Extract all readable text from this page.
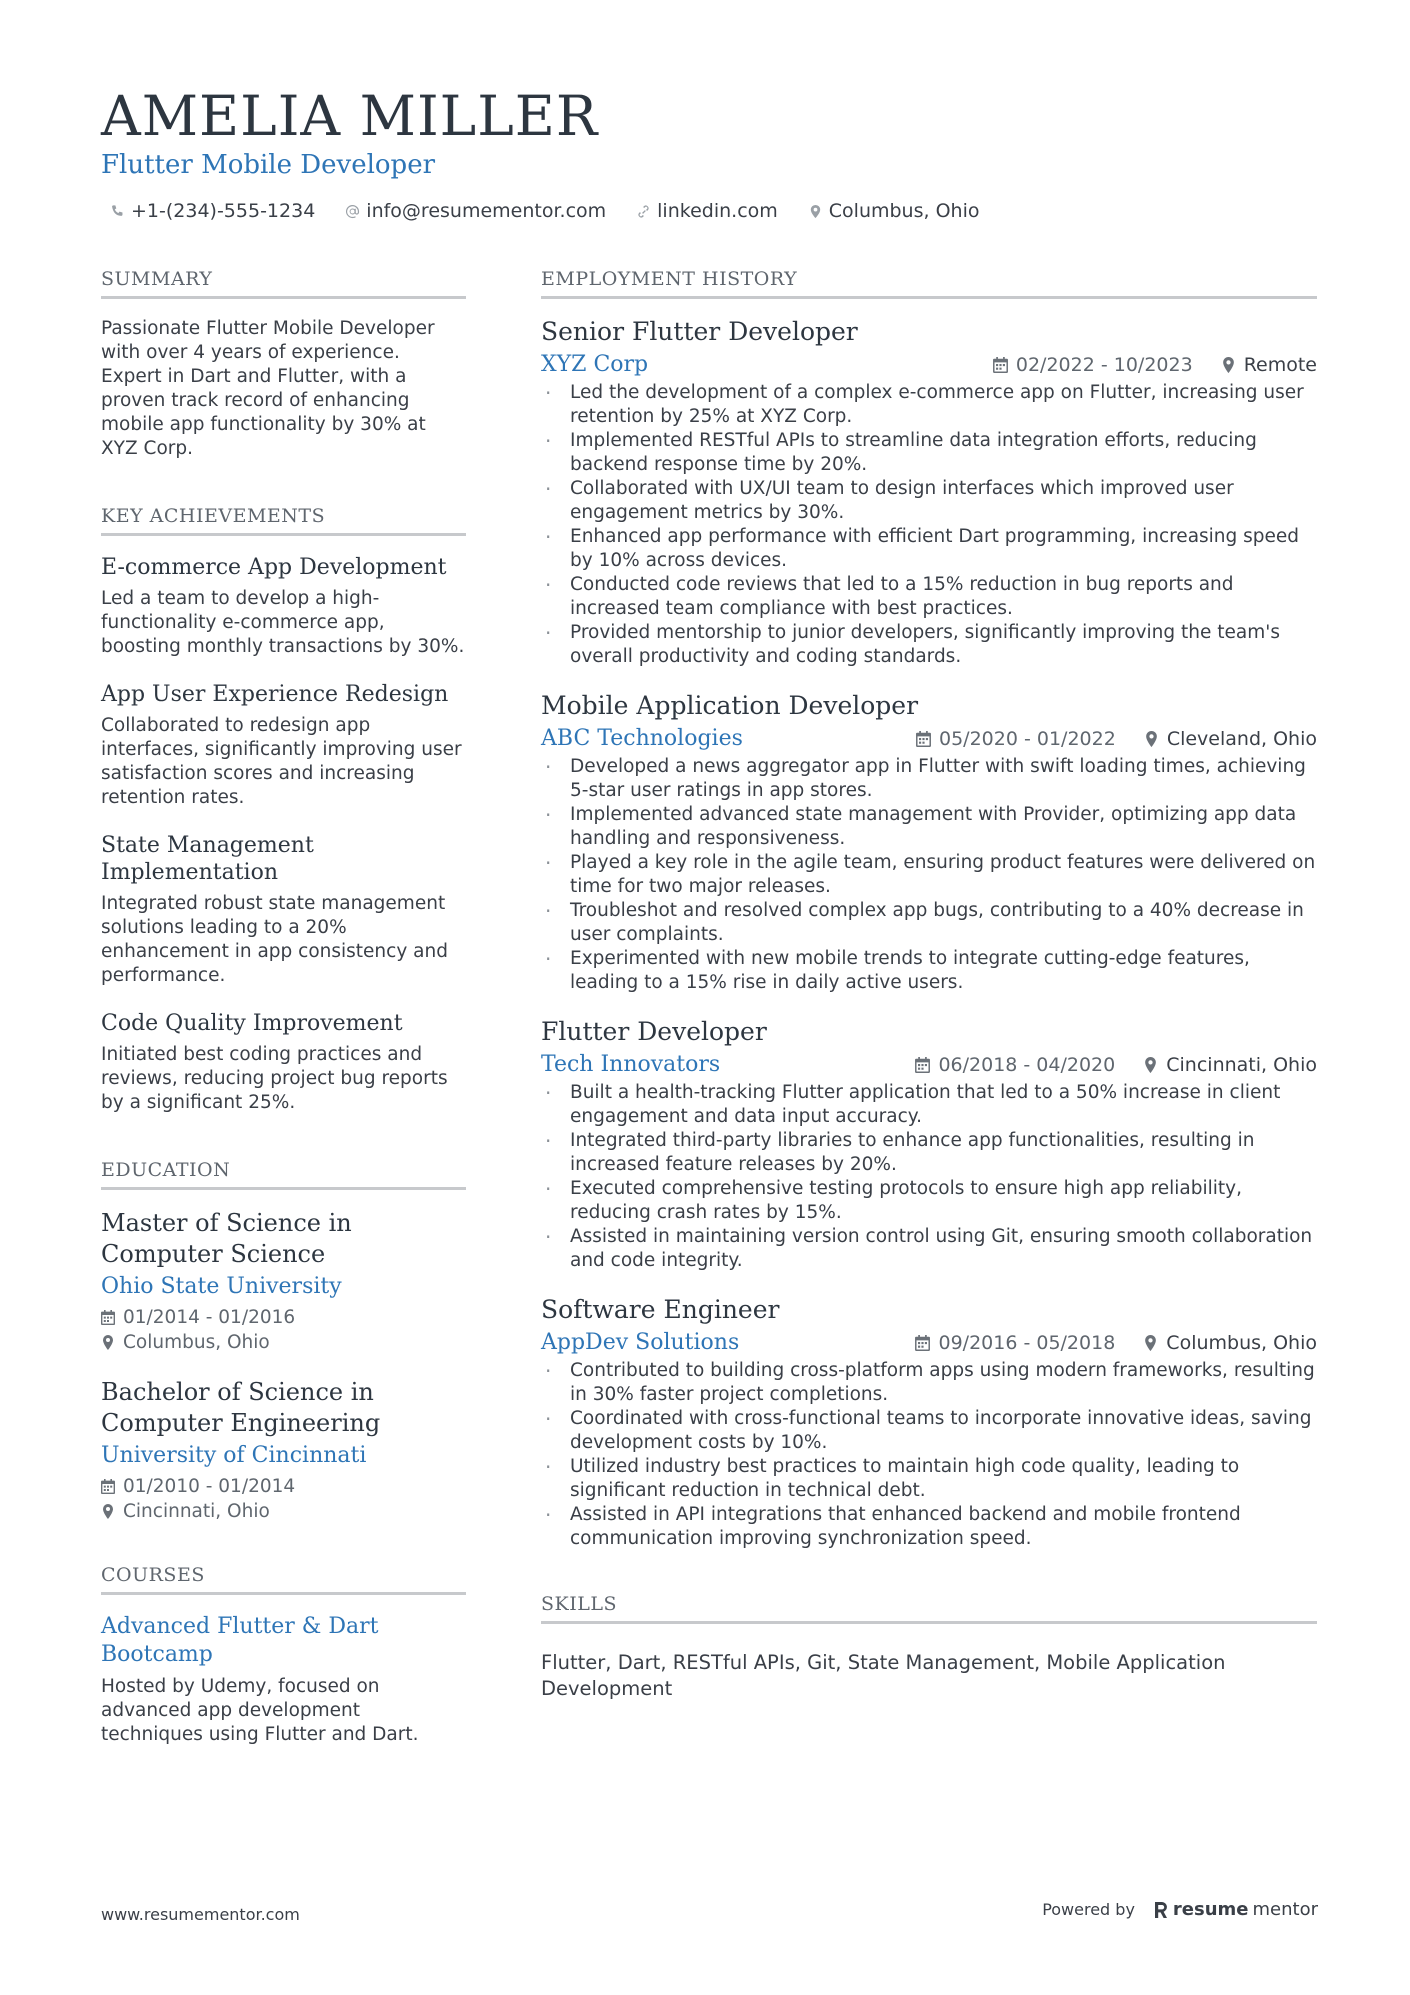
AMELIA MILLER
Flutter Mobile Developer
+1-(234)-555-1234	info@resumementor.com	linkedin.com	Columbus, Ohio
SUMMARY

Passionate Flutter Mobile Developer with over 4 years of experience. Expert in Dart and Flutter, with a proven track record of enhancing mobile app functionality by 30% at XYZ Corp.

KEY ACHIEVEMENTS
E-commerce App Development

Led a team to develop a high-functionality e-commerce app, boosting monthly transactions by 30%.

App User Experience Redesign

Collaborated to redesign app interfaces, significantly improving user satisfaction scores and increasing retention rates.

State Management Implementation

Integrated robust state management solutions leading to a 20% enhancement in app consistency and performance.

Code Quality Improvement

Initiated best coding practices and reviews, reducing project bug reports by a significant 25%.

EDUCATION
Master of Science in Computer Science
Ohio State University
01/2014 - 01/2016
Columbus, Ohio
Bachelor of Science in Computer Engineering
University of Cincinnati
01/2010 - 01/2014
Cincinnati, Ohio
COURSES
Advanced Flutter & Dart Bootcamp

Hosted by Udemy, focused on advanced app development techniques using Flutter and Dart.

EMPLOYMENT HISTORY
Senior Flutter Developer
XYZ Corp	02/2022 - 10/2023	Remote
· Led the development of a complex e-commerce app on Flutter, increasing user retention by 25% at XYZ Corp.
· Implemented RESTful APIs to streamline data integration efforts, reducing backend response time by 20%.
· Collaborated with UX/UI team to design interfaces which improved user engagement metrics by 30%.
· Enhanced app performance with efficient Dart programming, increasing speed by 10% across devices.
· Conducted code reviews that led to a 15% reduction in bug reports and increased team compliance with best practices.
· Provided mentorship to junior developers, significantly improving the team's overall productivity and coding standards.
Mobile Application Developer
ABC Technologies	05/2020 - 01/2022	Cleveland, Ohio
· Developed a news aggregator app in Flutter with swift loading times, achieving 5-star user ratings in app stores.
· Implemented advanced state management with Provider, optimizing app data handling and responsiveness.
· Played a key role in the agile team, ensuring product features were delivered on time for two major releases.
· Troubleshot and resolved complex app bugs, contributing to a 40% decrease in user complaints.
· Experimented with new mobile trends to integrate cutting-edge features, leading to a 15% rise in daily active users.
Flutter Developer
Tech Innovators	06/2018 - 04/2020	Cincinnati, Ohio
· Built a health-tracking Flutter application that led to a 50% increase in client engagement and data input accuracy.
· Integrated third-party libraries to enhance app functionalities, resulting in increased feature releases by 20%.
· Executed comprehensive testing protocols to ensure high app reliability, reducing crash rates by 15%.
· Assisted in maintaining version control using Git, ensuring smooth collaboration and code integrity.
Software Engineer
AppDev Solutions	09/2016 - 05/2018	Columbus, Ohio
· Contributed to building cross-platform apps using modern frameworks, resulting in 30% faster project completions.
· Coordinated with cross-functional teams to incorporate innovative ideas, saving development costs by 10%.
· Utilized industry best practices to maintain high code quality, leading to significant reduction in technical debt.
· Assisted in API integrations that enhanced backend and mobile frontend communication improving synchronization speed.
SKILLS

Flutter, Dart, RESTful APIs, Git, State Management, Mobile Application Development

www.resumementor.com	Powered by resume mentor
